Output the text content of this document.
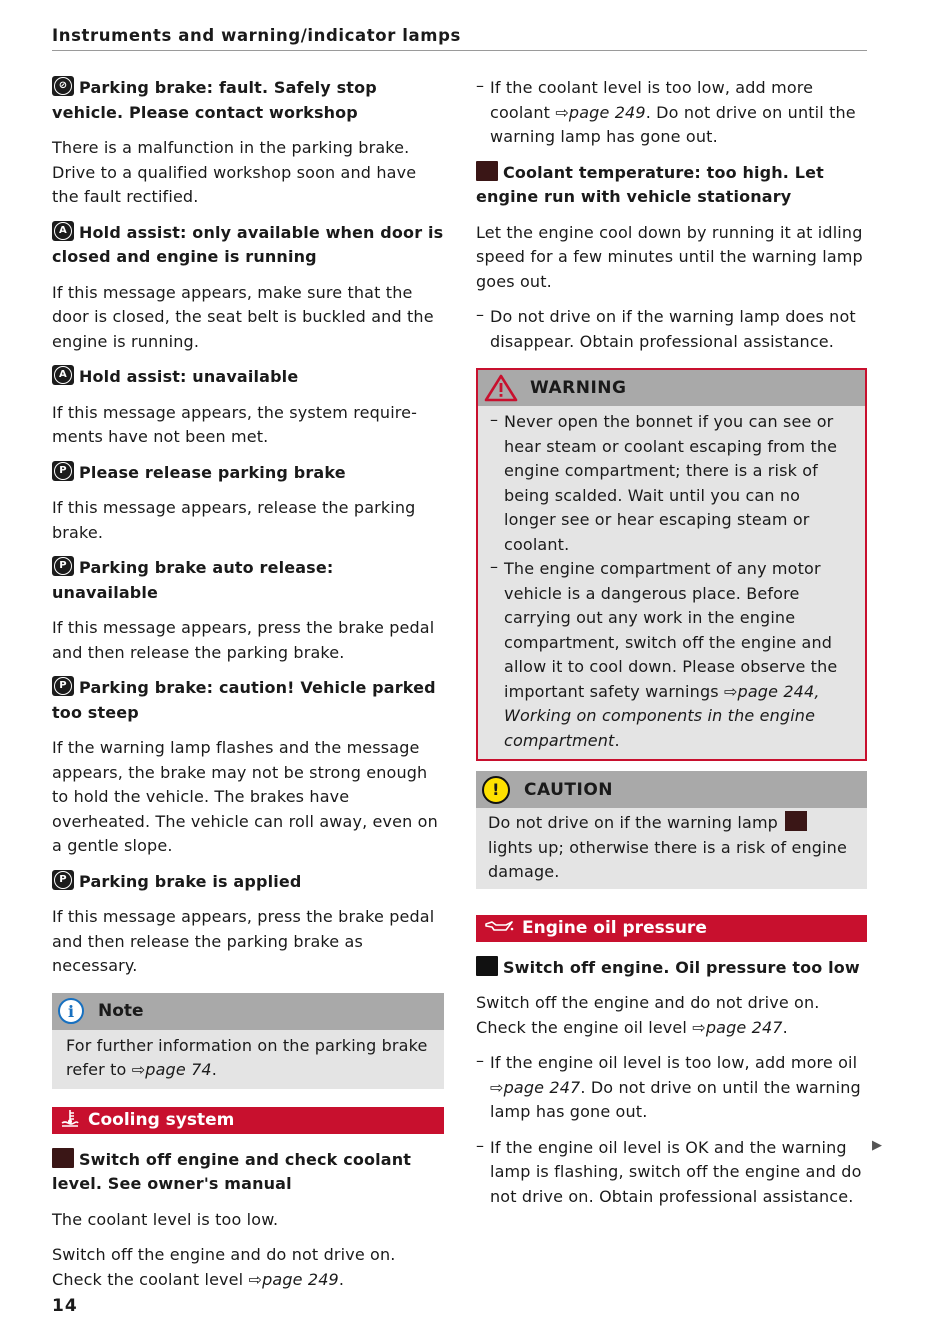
Instruments and warning/indicator lamps

⊘ Parking brake: fault. Safely stop vehicle. Please contact workshop

There is a malfunction in the parking brake. Drive to a qualified workshop soon and have the fault rectified.

A Hold assist: only available when door is closed and engine is running

If this message appears, make sure that the door is closed, the seat belt is buckled and the engine is running.

A Hold assist: unavailable

If this message appears, the system requirements have not been met.

P Please release parking brake

If this message appears, release the parking brake.

P Parking brake auto release: unavailable

If this message appears, press the brake pedal and then release the parking brake.

P Parking brake: caution! Vehicle parked too steep

If the warning lamp flashes and the message appears, the brake may not be strong enough to hold the vehicle. The brakes have overheated. The vehicle can roll away, even on a gentle slope.

P Parking brake is applied

If this message appears, press the brake pedal and then release the parking brake as necessary.

i	Note

For further information on the parking brake refer to ⇨page 74.

Cooling system

Switch off engine and check coolant level. See owner's manual

The coolant level is too low.

Switch off the engine and do not drive on. Check the coolant level ⇨page 249.

– If the coolant level is too low, add more coolant ⇨page 249. Do not drive on until the warning lamp has gone out.

Coolant temperature: too high. Let engine run with vehicle stationary

Let the engine cool down by running it at idling speed for a few minutes until the warning lamp goes out.

– Do not drive on if the warning lamp does not disappear. Obtain professional assistance.

WARNING
– Never open the bonnet if you can see or hear steam or coolant escaping from the engine compartment; there is a risk of being scalded. Wait until you can no longer see or hear escaping steam or coolant.

– The engine compartment of any motor vehicle is a dangerous place. Before carrying out any work in the engine compartment, switch off the engine and allow it to cool down. Please observe the important safety warnings ⇨page 244, Working on components in the engine compartment.

!	CAUTION

Do not drive on if the warning lamp  lights up; otherwise there is a risk of engine damage.

Engine oil pressure

Switch off engine. Oil pressure too low

Switch off the engine and do not drive on. Check the engine oil level ⇨page 247.

– If the engine oil level is too low, add more oil ⇨page 247. Do not drive on until the warning lamp has gone out.

– If the engine oil level is OK and the warning lamp is flashing, switch off the engine and do not drive on. Obtain professional assistance.

▶
14
